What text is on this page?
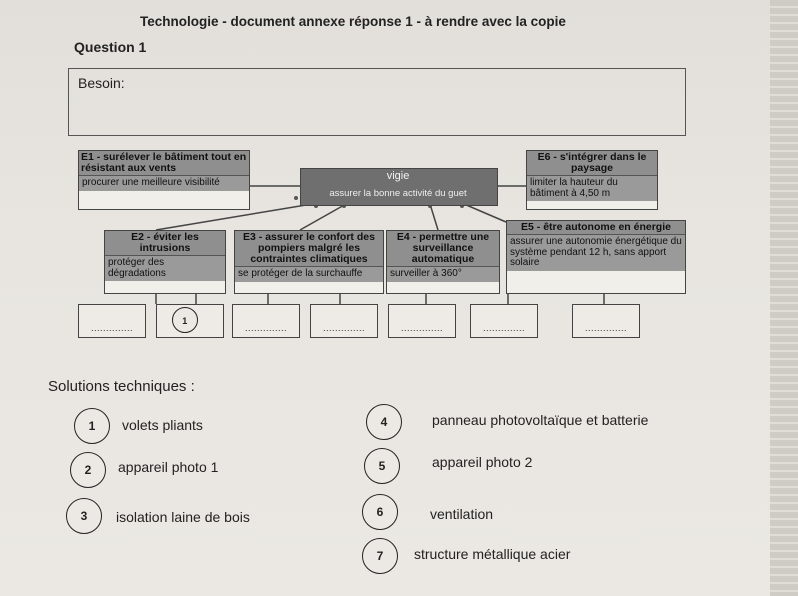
Technologie - document annexe réponse 1 - à rendre avec la copie
Question 1
Besoin:
E1 - surélever le bâtiment tout en résistant aux vents
procurer une meilleure visibilité
vigie
assurer la bonne activité du guet
E6 - s'intégrer dans le paysage
limiter la hauteur du bâtiment à 4,50 m
E2 - éviter les intrusions
protéger des dégradations
E3 - assurer le confort des pompiers malgré les contraintes climatiques
se protéger de la surchauffe
E4 - permettre une surveillance automatique
surveiller à 360°
E5 - être autonome en énergie
assurer une autonomie énergétique du système pendant 12 h, sans apport solaire
..............
1
..............	..............	..............	..............	..............
Solutions techniques :
1	volets pliants
2	appareil photo 1
3	isolation laine de bois
4	panneau photovoltaïque et batterie
5	appareil photo 2
6	ventilation
7	structure métallique acier
